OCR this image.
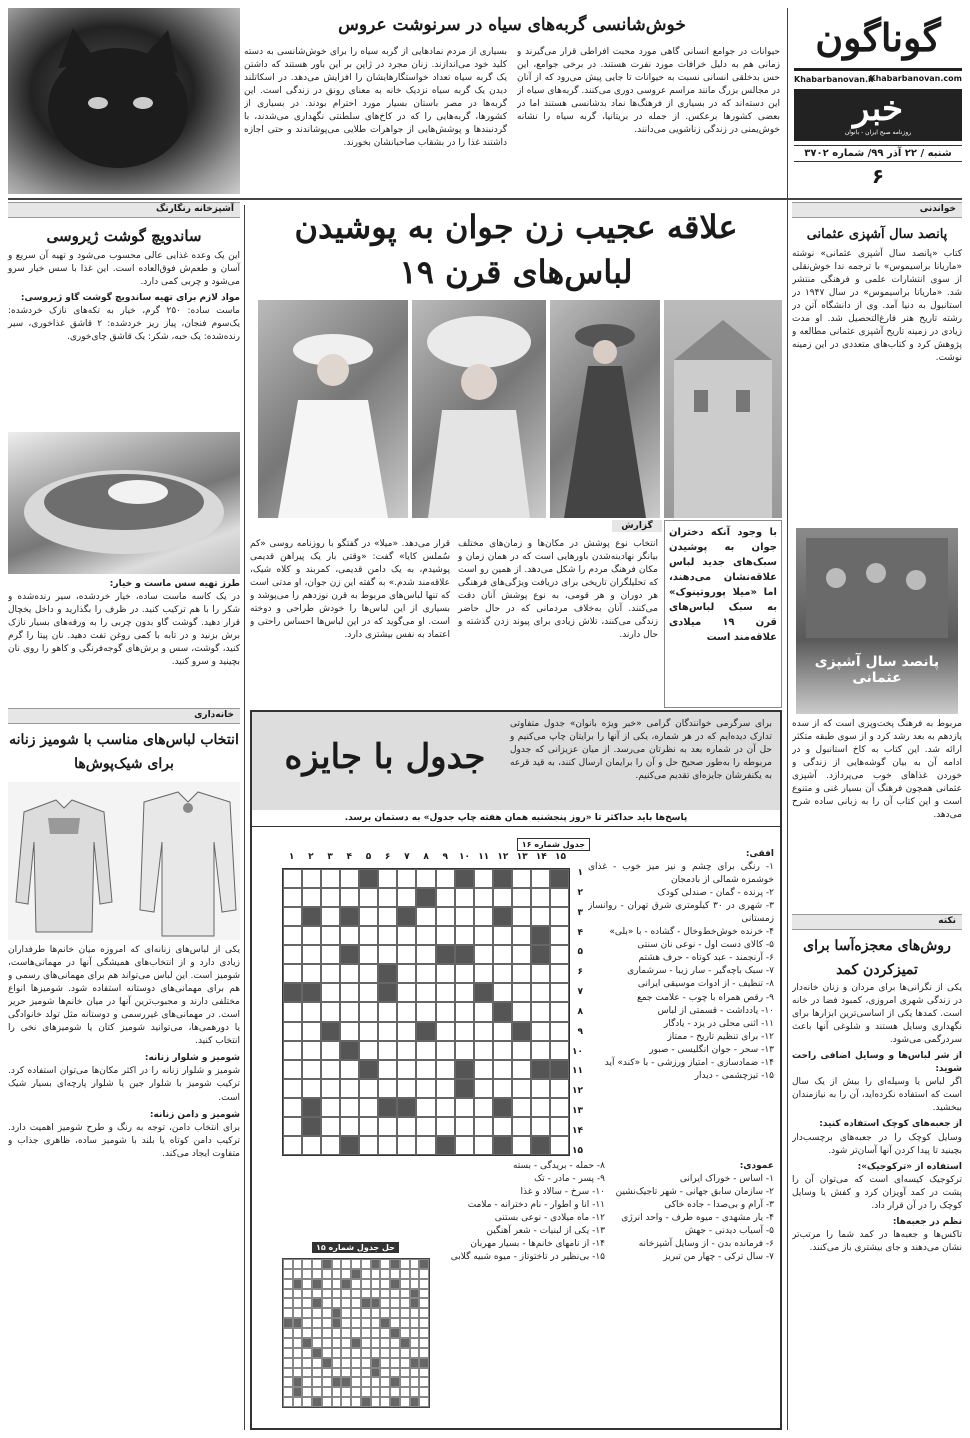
گوناگون
Khabarbanovan.ir
Khabarbanovan.com
خبر
روزنامه صبح ایران - بانوان
شنبه / ۲۲ آذر ۹۹/ شماره ۳۷۰۲
۶
خوش‌شانسی گربه‌های سیاه در سرنوشت عروس
حیوانات در جوامع انسانی گاهی مورد محبت افراطی قرار می‌گیرند و زمانی هم به دلیل خرافات مورد نفرت هستند. در برخی جوامع، این حس بدخلقی انسانی نسبت به حیوانات تا جایی پیش می‌رود که از آنان در مجالس بزرگ مانند مراسم عروسی دوری می‌کنند. گربه‌های سیاه از این دسته‌اند که در بسیاری از فرهنگ‌ها نماد بدشانسی هستند اما در بعضی کشورها برعکس. از جمله در بریتانیا، گربه سیاه را نشانه خوش‌یمنی در زندگی زناشویی می‌دانند.
بسیاری از مردم نمادهایی از گربه سیاه را برای خوش‌شانسی به دسته کلید خود می‌اندازند. زنان مجرد در ژاپن بر این باور هستند که داشتن یک گربه سیاه تعداد خواستگارهایشان را افزایش می‌دهد. در اسکاتلند دیدن یک گربه سیاه نزدیک خانه به معنای رونق در زندگی است. این گربه‌ها در مصر باستان بسیار مورد احترام بودند. در بسیاری از کشورها، گربه‌هایی را که در کاخ‌های سلطنتی نگهداری می‌شدند، با گردنبندها و پوشش‌هایی از جواهرات طلایی می‌پوشاندند و حتی اجازه داشتند غذا را در بشقاب صاحبانشان بخورند.
آشپزخانه رنگارنگ
ساندویچ گوشت ژیروسی
این یک وعده غذایی عالی محسوب می‌شود و تهیه آن سریع و آسان و طعم‌ش فوق‌العاده است. این غذا با سس خیار سرو می‌شود و چربی کمی دارد.
مواد لازم برای تهیه ساندویچ گوشت گاو ژیروسی:
ماست ساده: ۲۵۰ گرم، خیار به تکه‌های نازک خردشده: یک‌سوم فنجان، پیاز ریز خردشده: ۲ قاشق غذاخوری، سیر رنده‌شده: یک حبه، شکر: یک قاشق چای‌خوری.
طرز تهیه سس ماست و خیار:
در یک کاسه ماست ساده، خیار خردشده، سیر رنده‌شده و شکر را با هم ترکیب کنید. در ظرف را بگذارید و داخل یخچال قرار دهید. گوشت گاو بدون چربی را به ورقه‌های بسیار نازک برش بزنید و در تابه با کمی روغن تفت دهید. نان پیتا را گرم کنید، گوشت، سس و برش‌های گوجه‌فرنگی و کاهو را روی نان بچینید و سرو کنید.
خانه‌داری
انتخاب لباس‌های مناسب با شومیز زنانه برای شیک‌پوش‌ها
یکی از لباس‌های زنانه‌ای که امروزه میان خانم‌ها طرفداران زیادی دارد و از انتخاب‌های همیشگی آنها در مهمانی‌هاست، شومیز است. این لباس می‌تواند هم برای مهمانی‌های رسمی و هم برای مهمانی‌های دوستانه استفاده شود. شومیزها انواع مختلفی دارند و محبوب‌ترین آنها در میان خانم‌ها شومیز حریر است. در مهمانی‌های غیررسمی و دوستانه مثل تولد خانوادگی یا دورهمی‌ها، می‌توانید شومیز کتان یا شومیزهای نخی را انتخاب کنید.
شومیز و شلوار زنانه:
شومیز و شلوار زنانه را در اکثر مکان‌ها می‌توان استفاده کرد. ترکیب شومیز با شلوار جین یا شلوار پارچه‌ای بسیار شیک است.
شومیز و دامن زنانه:
برای انتخاب دامن، توجه به رنگ و طرح شومیز اهمیت دارد. ترکیب دامن کوتاه یا بلند با شومیز ساده، ظاهری جذاب و متفاوت ایجاد می‌کند.
علاقه عجیب زن جوان به پوشیدن
لباس‌های قرن ۱۹
گزارش
با وجود آنکه دختران جوان به پوشیدن سبک‌های جدید لباس علاقه‌نشان می‌دهند، اما «میلا پوروتینوک» به سبک لباس‌های قرن ۱۹ میلادی علاقه‌مند است
انتخاب نوع پوشش در مکان‌ها و زمان‌های مختلف بیانگر نهادینه‌شدن باورهایی است که در همان زمان و مکان فرهنگ مردم را شکل می‌دهد. از همین رو است که تحلیلگران تاریخی برای دریافت ویژگی‌های فرهنگی هر دوران و هر قومی، به نوع پوشش آنان دقت می‌کنند. آنان به‌خلاف مردمانی که در حال حاضر زندگی می‌کنند، تلاش زیادی برای پیوند زدن گذشته و حال دارند.
قرار می‌دهد. «میلا» در گفتگو با روزنامه روسی «کم سُملس کایا» گفت: «وقتی بار یک پیراهن قدیمی پوشیدم، به یک دامن قدیمی، کمربند و کلاه شیک، علاقه‌مند شدم.» به گفته این زن جوان، او مدتی است که تنها لباس‌های مربوط به قرن نوزدهم را می‌پوشد و بسیاری از این لباس‌ها را خودش طراحی و دوخته است. او می‌گوید که در این لباس‌ها احساس راحتی و اعتماد به نفس بیشتری دارد.
جدول با جایزه
برای سرگرمی خوانندگان گرامی «خبر ویژه بانوان» جدول متفاوتی تدارک دیده‌ایم که در هر شماره، یکی از آنها را برایتان چاپ می‌کنیم و حل آن در شماره بعد به نظرتان می‌رسد. از میان عزیزانی که جدول مربوطه را به‌طور صحیح حل و آن را برایمان ارسال کنند، به قید قرعه به یکنفرشان جایزه‌ای تقدیم می‌کنیم.
پاسخ‌ها باید حداکثر تا «روز پنجشنبه همان هفته چاپ جدول» به دستمان برسد.
جدول شماره ۱۶
۱۵
۱۴
۱۳
۱۲
۱۱
۱۰
۹
۸
۷
۶
۵
۴
۳
۲
۱
۱
۲
۳
۴
۵
۶
۷
۸
۹
۱۰
۱۱
۱۲
۱۳
۱۴
۱۵
افقی:
۱- رنگی برای چشم و نیز میز خوب - غذای خوشمزه شمالی از بادمجان
۲- پرنده - گمان - صندلی کودک
۳- شهری در ۳۰ کیلومتری شرق تهران - روانساز زمستانی
۴- خرنده خوش‌خط‌وخال - گشاده - با «بلی»
۵- کالای دست اول - نوعی نان سنتی
۶- آرنجمند - عبد کوتاه - حرف هشتم
۷- سبک باچه‌گیر - سار زیبا - سرشماری
۸- تنظیف - از ادوات موسیقی ایرانی
۹- رقص همراه با چوب - علامت جمع
۱۰- یادداشت - قسمتی از لباس
۱۱- اثنی محلی در یزد - یادگار
۱۲- برای تنظیم تاریخ - ممتاز
۱۳- سحر - جوان انگلیسی - صبور
۱۴- ضمادسازی - امتیاز ورزشی - با «کند» آید
۱۵- تیزچشمی - دیدار
عمودی:
۱- اساس - خوراک ایرانی
۲- سازمان سابق جهانی - شهر تاجیک‌نشین
۳- آرام و بی‌صدا - جاده خاکی
۴- یار مشهدی - میوه طرف - واحد انرژی
۵- آسیاب دیدنی - جهش
۶- فرمانده بدن - از وسایل آشپزخانه
۷- سال ترکی - چهار من تبریز
۸- حمله - بریدگی - بسته
۹- پسر - مادر - تک
۱۰- سرخ - سالاد و غذا
۱۱- انا و اطوار - نام دخترانه - ملامت
۱۲- ماه میلادی - نوعی بستنی
۱۳- یکی از لبنیات - شعر آهنگین
۱۴- از نامهای خانم‌ها - بسیار مهربان
۱۵- بی‌نظیر در تاختوتاز - میوه شبیه گلابی
حل جدول شماره ۱۵
خواندنی
پانصد سال آشپزی عثمانی
کتاب «پانصد سال آشپزی عثمانی» نوشته «ماریانا براسیموس» با ترجمه ندا خوش‌نقلی از سوی انتشارات علمی و فرهنگی منتشر شد. «ماریانا براسیموس» در سال ۱۹۴۷ در استانبول به دنیا آمد. وی از دانشگاه آتن در رشته تاریخ هنر فارغ‌التحصیل شد. او مدت زیادی در زمینه تاریخ آشپزی عثمانی مطالعه و پژوهش کرد و کتاب‌های متعددی در این زمینه نوشت.
پانصد سال آشپزی عثمانی
مربوط به فرهنگ پخت‌وپزی است که از سده یازدهم به بعد رشد کرد و از سوی طبقه متکثر ارائه شد. این کتاب به کاخ استانبول و در ادامه آن به بیان گوشه‌هایی از زندگی و خوردن غذاهای خوب می‌پردازد. آشپزی عثمانی همچون فرهنگ آن بسیار غنی و متنوع است و این کتاب آن را به زبانی ساده شرح می‌دهد.
نکته
روش‌های معجزه‌آسا برای تمیزکردن کمد
یکی از نگرانی‌ها برای مردان و زنان خانه‌دار در زندگی شهری امروزی، کمبود فضا در خانه است. کمدها یکی از اساسی‌ترین ابزارها برای نگهداری وسایل هستند و شلوغی آنها باعث سردرگمی می‌شود.
از شر لباس‌ها و وسایل اضافی راحت شوید:
اگر لباس یا وسیله‌ای را بیش از یک سال است که استفاده نکرده‌اید، آن را به نیازمندان ببخشید.
از جعبه‌های کوچک استفاده کنید:
وسایل کوچک را در جعبه‌های برچسب‌دار بچینید تا پیدا کردن آنها آسان‌تر شود.
استفاده از «ترکوجیک»:
ترکوجیک کیسه‌ای است که می‌توان آن را پشت در کمد آویزان کرد و کفش یا وسایل کوچک را در آن قرار داد.
نظم در جعبه‌ها:
تاکس‌ها و جعبه‌ها در کمد شما را مرتب‌تر نشان می‌دهند و جای بیشتری باز می‌کنند.
